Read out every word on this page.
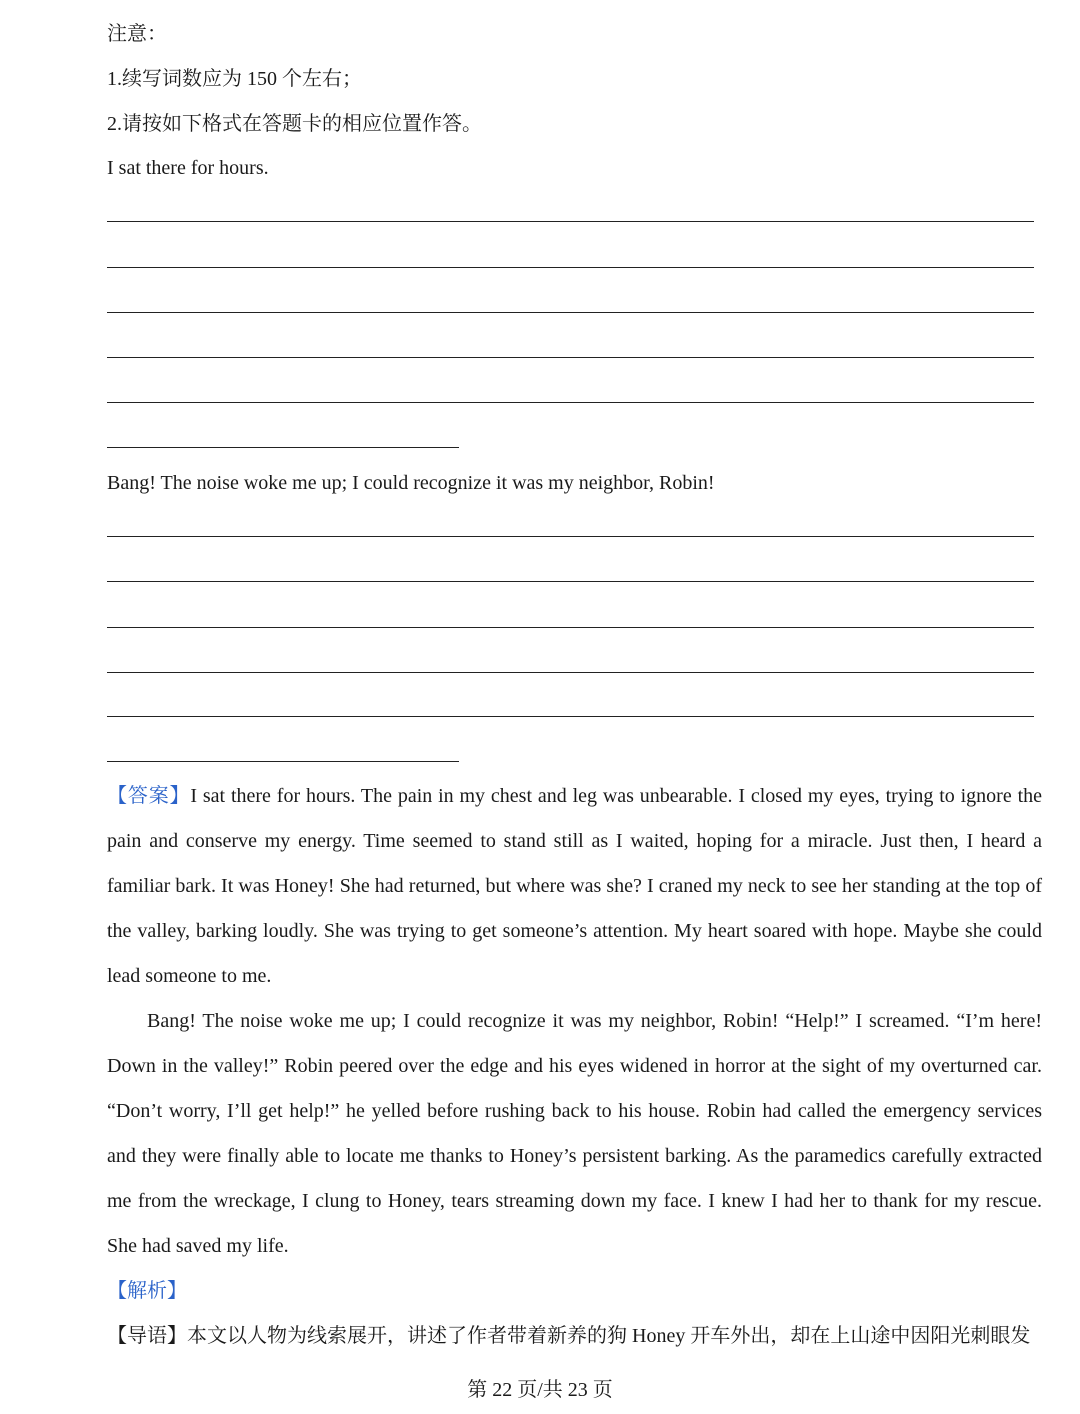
注意：
1.续写词数应为 150 个左右；
2.请按如下格式在答题卡的相应位置作答。
I sat there for hours.
Bang! The noise woke me up; I could recognize it was my neighbor, Robin!

【答案】I sat there for hours. The pain in my chest and leg was unbearable. I closed my eyes, trying to ignore the pain and conserve my energy. Time seemed to stand still as I waited, hoping for a miracle. Just then, I heard a familiar bark. It was Honey! She had returned, but where was she? I craned my neck to see her standing at the top of the valley, barking loudly. She was trying to get someone’s attention. My heart soared with hope. Maybe she could lead someone to me.

Bang! The noise woke me up; I could recognize it was my neighbor, Robin! “Help!” I screamed. “I’m here! Down in the valley!” Robin peered over the edge and his eyes widened in horror at the sight of my overturned car. “Don’t worry, I’ll get help!” he yelled before rushing back to his house. Robin had called the emergency services and they were finally able to locate me thanks to Honey’s persistent barking. As the paramedics carefully extracted me from the wreckage, I clung to Honey, tears streaming down my face. I knew I had her to thank for my rescue. She had saved my life.

【解析】

【导语】本文以人物为线索展开，讲述了作者带着新养的狗 Honey 开车外出，却在上山途中因阳光刺眼发

第 22 页/共 23 页
